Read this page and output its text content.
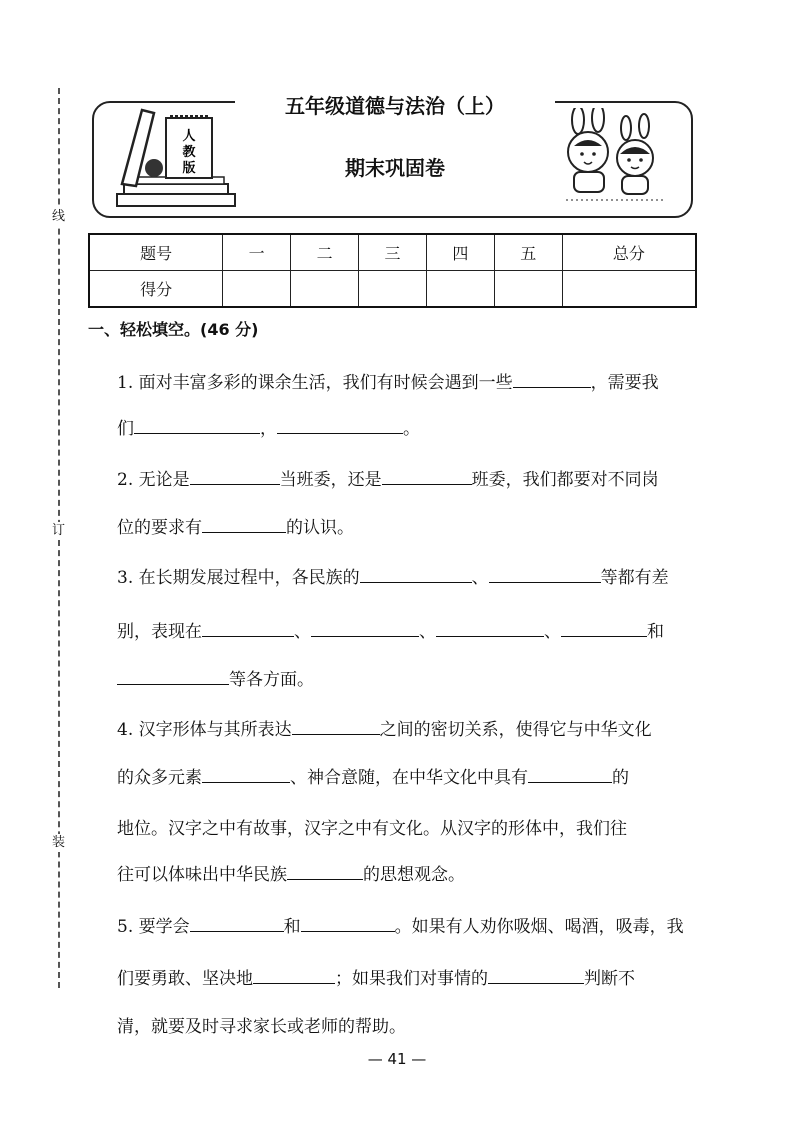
线
订
装
五年级道德与法治（上）
期末巩固卷
人
教
版
题号	一	二	三	四	五	总分
得分						
一、轻松填空。(46 分)
1. 面对丰富多彩的课余生活，我们有时候会遇到一些	，需要我
们	，	。
2. 无论是	当班委，还是	班委，我们都要对不同岗
位的要求有	的认识。
3. 在长期发展过程中，各民族的	、	等都有差
别，表现在	、	、	、	和
等各方面。
4. 汉字形体与其所表达	之间的密切关系，使得它与中华文化
的众多元素	、神合意随，在中华文化中具有	的
地位。汉字之中有故事，汉字之中有文化。从汉字的形体中，我们往
往可以体味出中华民族	的思想观念。
5. 要学会	和	。如果有人劝你吸烟、喝酒，吸毒，我
们要勇敢、坚决地	；如果我们对事情的	判断不
清，就要及时寻求家长或老师的帮助。
— 41 —
